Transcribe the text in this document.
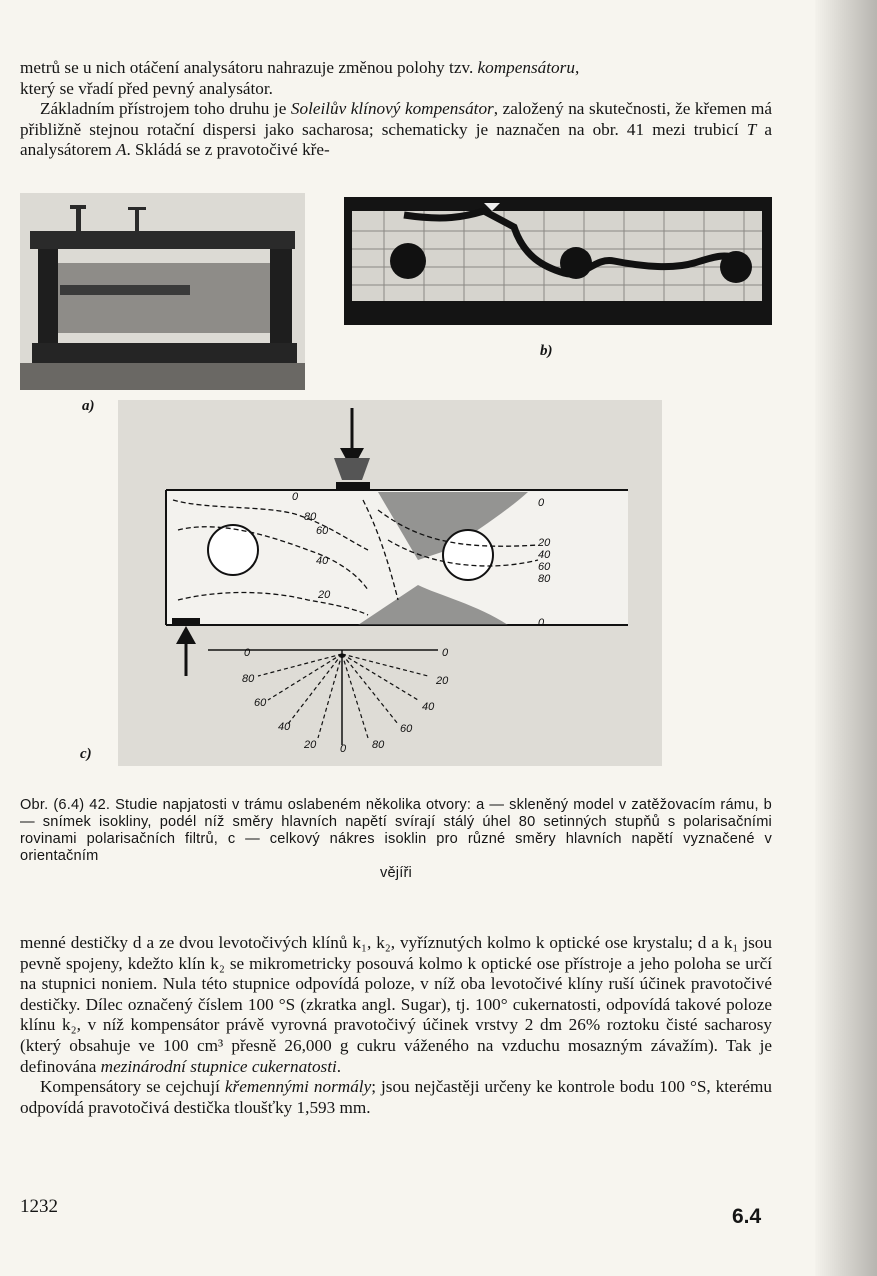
metrů se u nich otáčení analysátoru nahrazuje změnou polohy tzv. kompensátoru,

který se vřadí před pevný analysátor.

Základním přístrojem toho druhu je Soleilův klínový kompensátor, založený na skutečnosti, že křemen má přibližně stejnou rotační dispersi jako sacharosa; schematicky je naznačen na obr. 41 mezi trubicí T a analysátorem A. Skládá se z pravotočivé kře-

a)
b)
0
20
40
60
80
0
0
80
60
40
20
0	0
80	20
60	40
40	60
20 0 80
c)
Obr. (6.4) 42. Studie napjatosti v trámu oslabeném několika otvory: a — skleněný model v zatěžovacím rámu, b — snímek isokliny, podél níž směry hlavních napětí svírají stálý úhel 80 setinných stupňů s polarisačními rovinami polarisačních filtrů, c — celkový nákres isoklin pro různé směry hlavních napětí vyznačené v orientačním
vějíři

menné destičky d a ze dvou levotočivých klínů k₁, k₂, vyříznutých kolmo k optické ose krystalu; d a k₁ jsou pevně spojeny, kdežto klín k₂ se mikrometricky posouvá kolmo k optické ose přístroje a jeho poloha se určí na stupnici noniem. Nula této stupnice odpovídá poloze, v níž oba levotočivé klíny ruší účinek pravotočivé destičky. Dílec označený číslem 100 °S (zkratka angl. Sugar), tj. 100° cukernatosti, odpovídá takové poloze klínu k₂, v níž kompensátor právě vyrovná pravotočivý účinek vrstvy 2 dm 26% roztoku čisté sacharosy (který obsahuje ve 100 cm³ přesně 26,000 g cukru váženého na vzduchu mosazným závažím). Tak je definována mezinárodní stupnice cukernatosti.

Kompensátory se cejchují křemennými normály; jsou nejčastěji určeny ke kontrole bodu 100 °S, kterému odpovídá pravotočivá destička tloušťky 1,593 mm.

1232	6.4
